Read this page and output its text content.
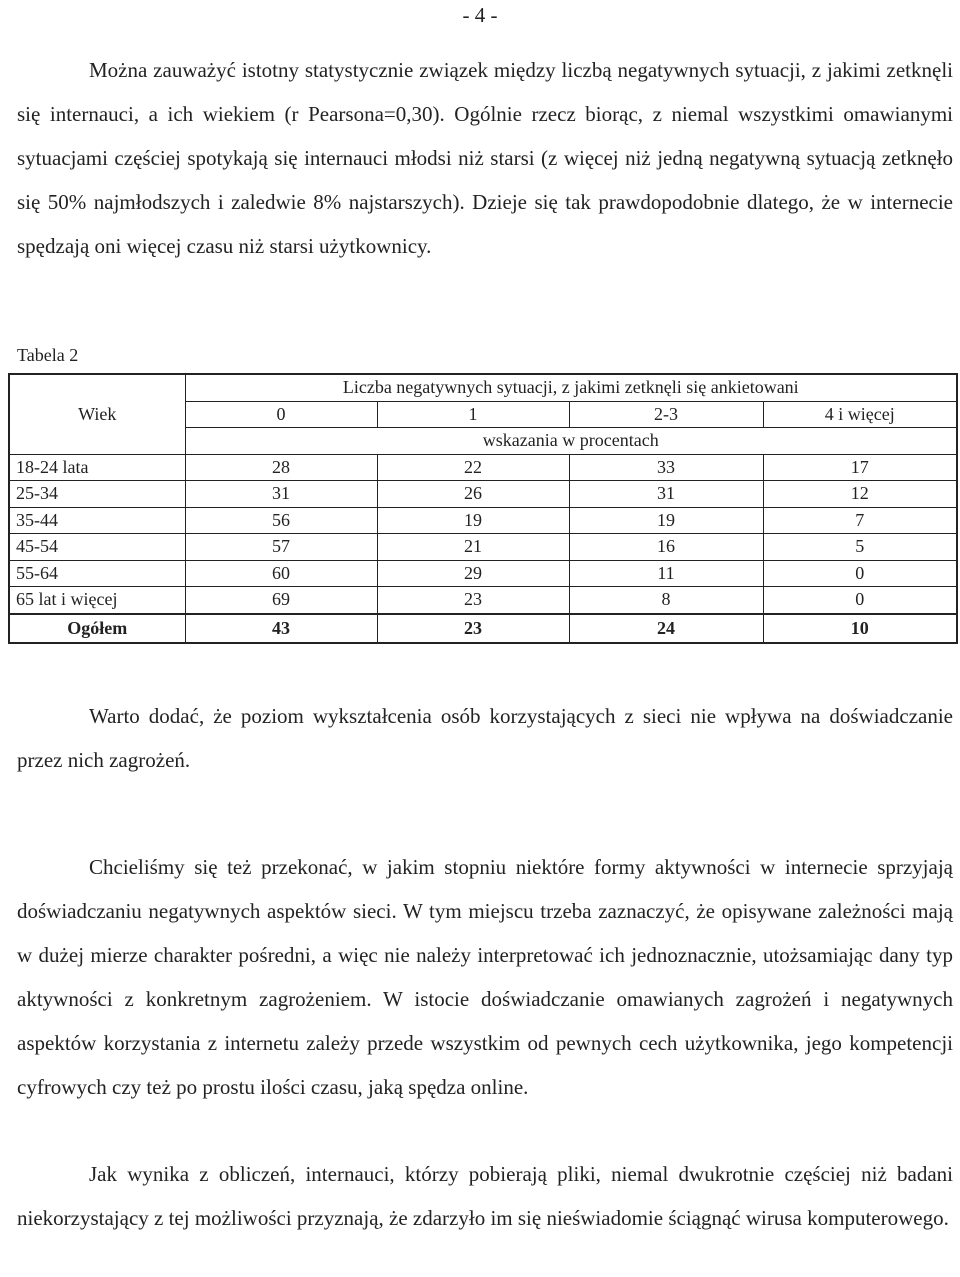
- 4 -

Można zauważyć istotny statystycznie związek między liczbą negatywnych sytuacji, z jakimi zetknęli się internauci, a ich wiekiem (r Pearsona=0,30). Ogólnie rzecz biorąc, z niemal wszystkimi omawianymi sytuacjami częściej spotykają się internauci młodsi niż starsi (z więcej niż jedną negatywną sytuacją zetknęło się 50% najmłodszych i zaledwie 8% najstarszych). Dzieje się tak prawdopodobnie dlatego, że w internecie spędzają oni więcej czasu niż starsi użytkownicy.

Tabela 2
Wiek	Liczba negatywnych sytuacji, z jakimi zetknęli się ankietowani			
	0	1	2-3	4 i więcej
	wskazania w procentach			
18-24 lata	28	22	33	17
25-34	31	26	31	12
35-44	56	19	19	7
45-54	57	21	16	5
55-64	60	29	11	0
65 lat i więcej	69	23	8	0
Ogółem	43	23	24	10

Warto dodać, że poziom wykształcenia osób korzystających z sieci nie wpływa na doświadczanie przez nich zagrożeń.

Chcieliśmy się też przekonać, w jakim stopniu niektóre formy aktywności w internecie sprzyjają doświadczaniu negatywnych aspektów sieci. W tym miejscu trzeba zaznaczyć, że opisywane zależności mają w dużej mierze charakter pośredni, a więc nie należy interpretować ich jednoznacznie, utożsamiając dany typ aktywności z konkretnym zagrożeniem. W istocie doświadczanie omawianych zagrożeń i negatywnych aspektów korzystania z internetu zależy przede wszystkim od pewnych cech użytkownika, jego kompetencji cyfrowych czy też po prostu ilości czasu, jaką spędza online.

Jak wynika z obliczeń, internauci, którzy pobierają pliki, niemal dwukrotnie częściej niż badani niekorzystający z tej możliwości przyznają, że zdarzyło im się nieświadomie ściągnąć wirusa komputerowego.
